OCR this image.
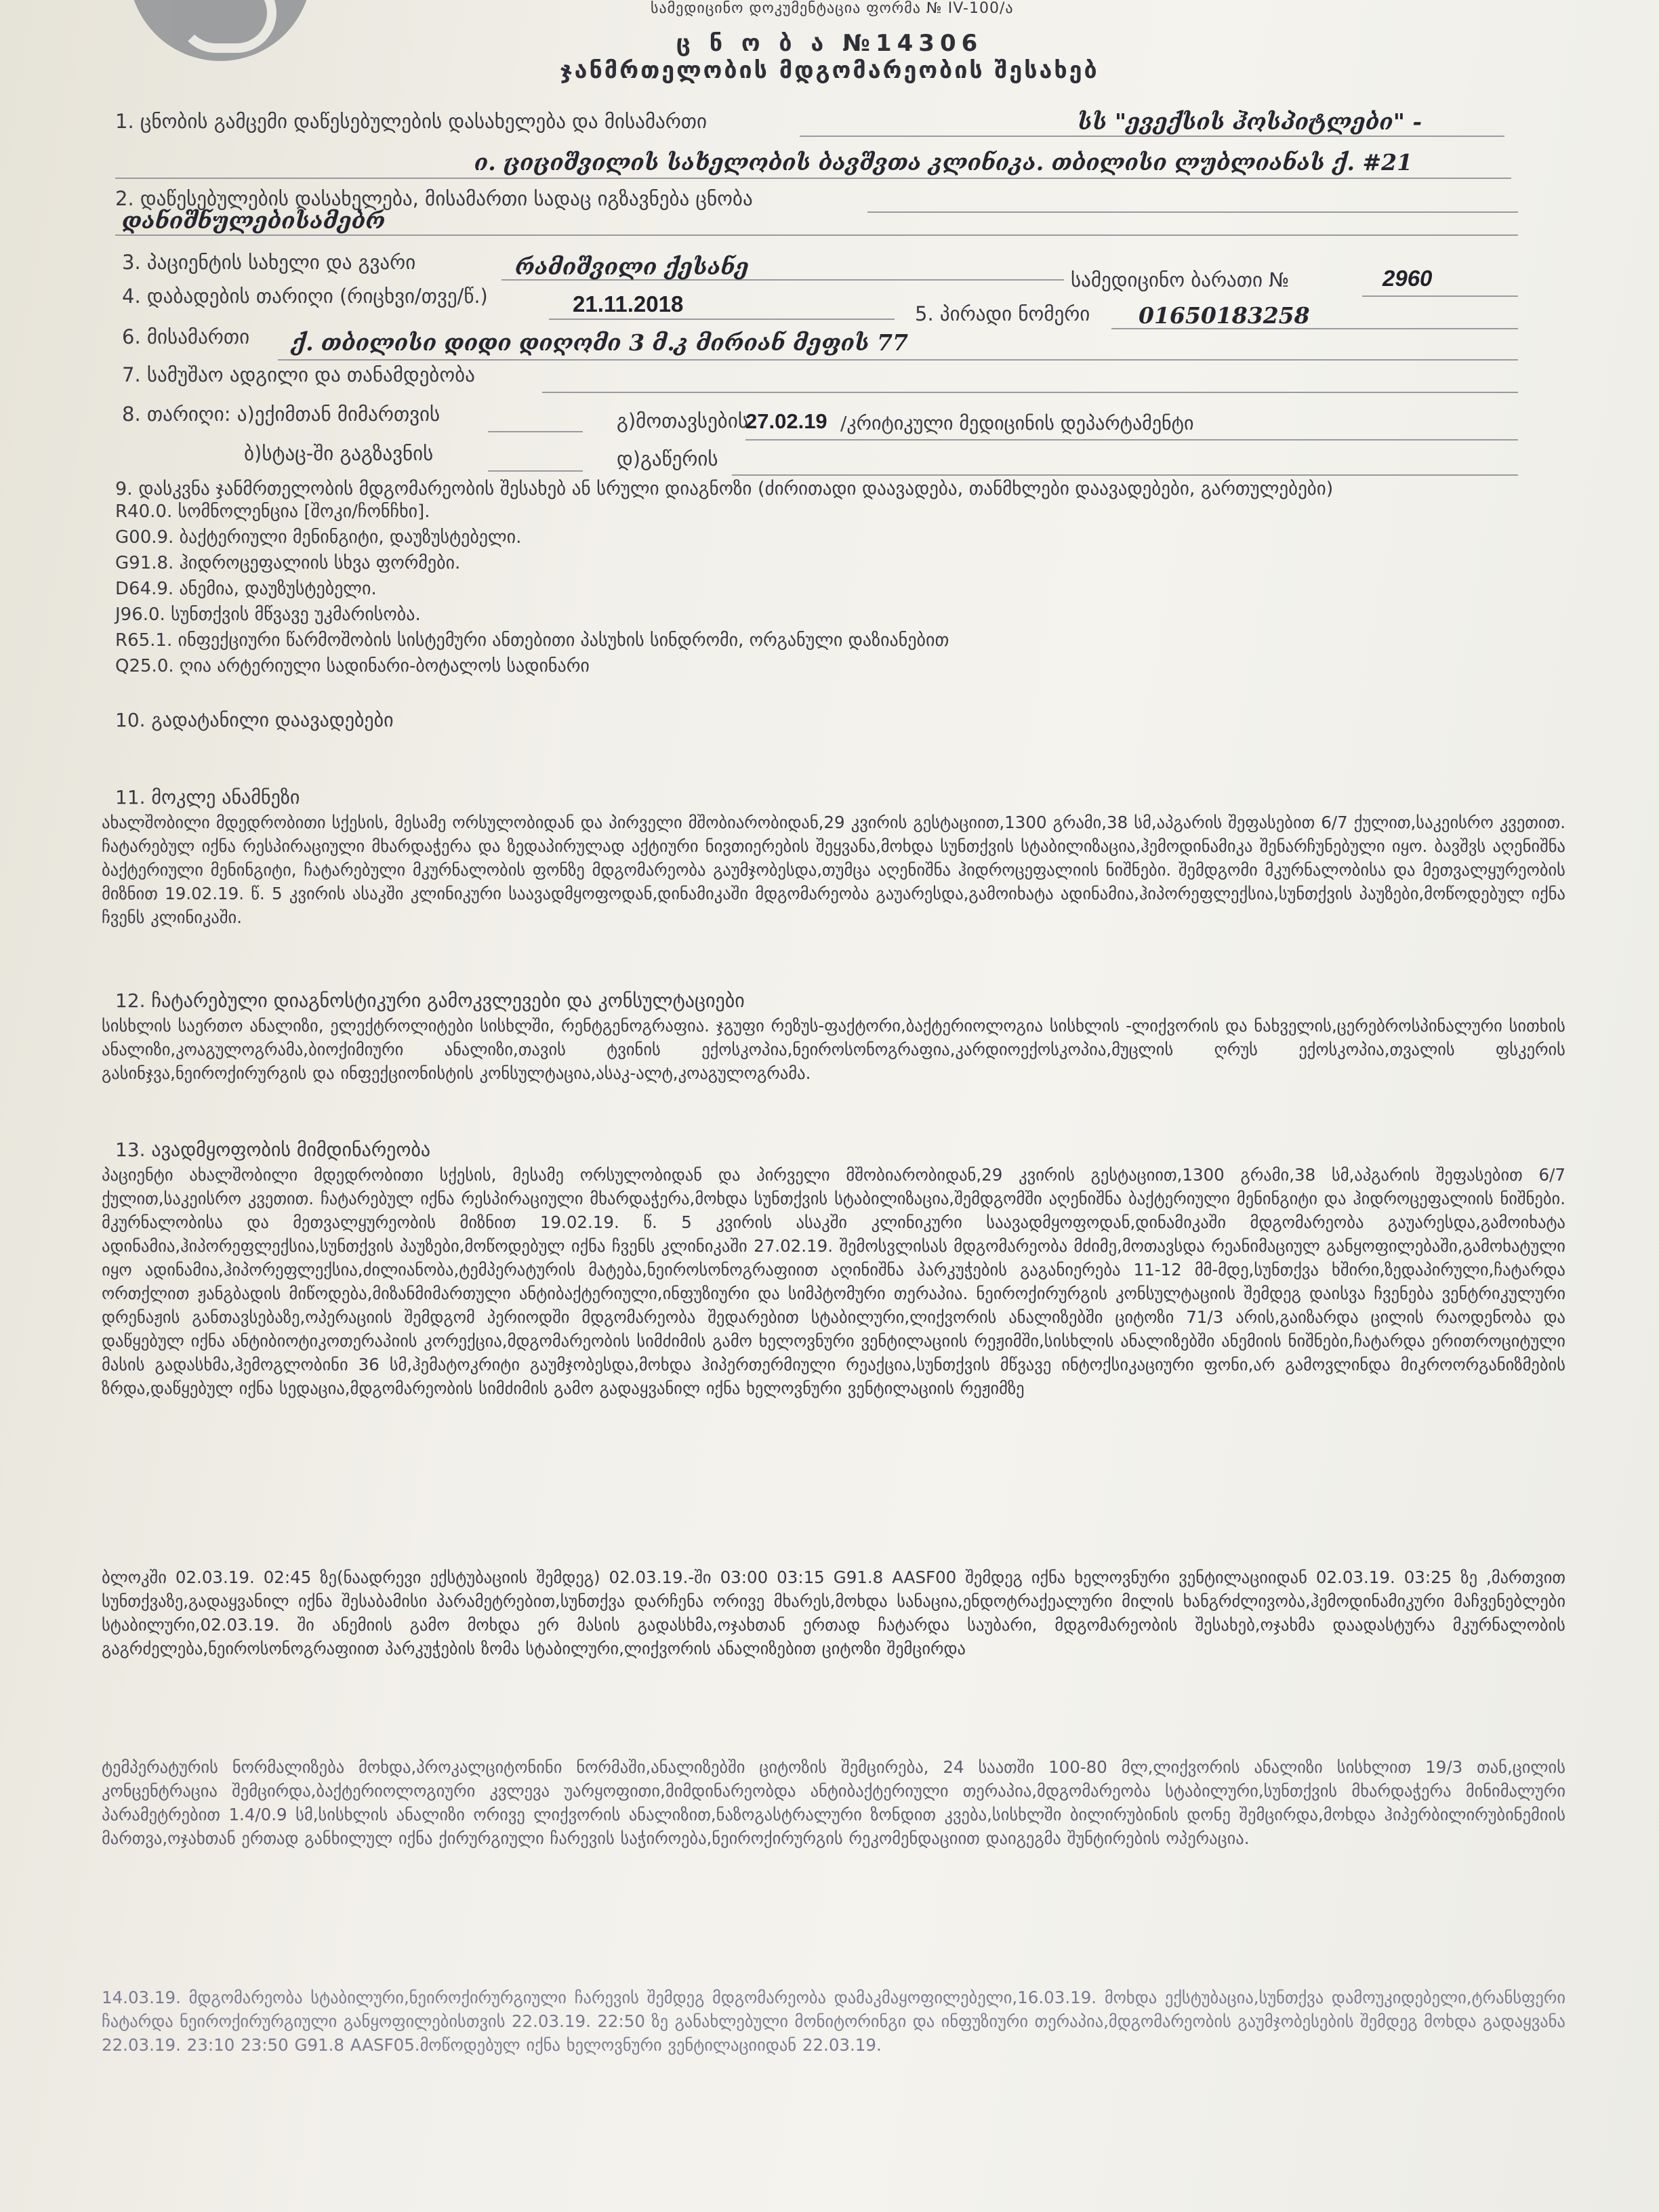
სამედიცინო დოკუმენტაცია ფორმა № IV-100/ა
ც ნ ო ბ ა №14306
ჯანმრთელობის მდგომარეობის შესახებ
1. ცნობის გამცემი დაწესებულების დასახელება და მისამართი	სს "ევექსის ჰოსპიტლები" -
ი. ციციშვილის სახელობის ბავშვთა კლინიკა. თბილისი ლუბლიანას ქ. #21
2. დაწესებულების დასახელება, მისამართი სადაც იგზავნება ცნობა
დანიშნულებისამებრ
3. პაციენტის სახელი და გვარი	რამიშვილი ქესანე	სამედიცინო ბარათი №	2960
4. დაბადების თარიღი (რიცხვი/თვე/წ.)	21.11.2018	5. პირადი ნომერი 01650183258
6. მისამართი ქ. თბილისი დიდი დიღომი 3 მ.კ მირიან მეფის 77
7. სამუშაო ადგილი და თანამდებობა
8. თარიღი: ა)ექიმთან მიმართვის	გ)მოთავსების
27.02.19 /კრიტიკული მედიცინის დეპარტამენტი
ბ)სტაც-ში გაგზავნის	დ)გაწერის
9. დასკვნა ჯანმრთელობის მდგომარეობის შესახებ ან სრული დიაგნოზი (ძირითადი დაავადება, თანმხლები დაავადებები, გართულებები)
R40.0. სომნოლენცია [შოკი/ჩონჩხი].
G00.9. ბაქტერიული მენინგიტი, დაუზუსტებელი.
G91.8. ჰიდროცეფალიის სხვა ფორმები.
D64.9. ანემია, დაუზუსტებელი.
J96.0. სუნთქვის მწვავე უკმარისობა.
R65.1. ინფექციური წარმოშობის სისტემური ანთებითი პასუხის სინდრომი, ორგანული დაზიანებით
Q25.0. ღია არტერიული სადინარი-ბოტალოს სადინარი
10. გადატანილი დაავადებები
11. მოკლე ანამნეზი
ახალშობილი მდედრობითი სქესის, მესამე ორსულობიდან და პირველი მშობიარობიდან,29 კვირის გესტაციით,1300 გრამი,38 სმ,აპგარის შეფასებით 6/7 ქულით,საკეისრო კვეთით. ჩატარებულ იქნა რესპირაციული მხარდაჭერა და ზედაპირულად აქტიური ნივთიერების შეყვანა,მოხდა სუნთქვის სტაბილიზაცია,ჰემოდინამიკა შენარჩუნებული იყო. ბავშვს აღენიშნა ბაქტერიული მენინგიტი, ჩატარებული მკურნალობის ფონზე მდგომარეობა გაუმჯობესდა,თუმცა აღენიშნა ჰიდროცეფალიის ნიშნები. შემდგომი მკურნალობისა და მეთვალყურეობის მიზნით 19.02.19. წ. 5 კვირის ასაკში კლინიკური საავადმყოფოდან,დინამიკაში მდგომარეობა გაუარესდა,გამოიხატა ადინამია,ჰიპორეფლექსია,სუნთქვის პაუზები,მოწოდებულ იქნა ჩვენს კლინიკაში.
12. ჩატარებული დიაგნოსტიკური გამოკვლევები და კონსულტაციები
სისხლის საერთო ანალიზი, ელექტროლიტები სისხლში, რენტგენოგრაფია. ჯგუფი რეზუს-ფაქტორი,ბაქტერიოლოგია სისხლის -ლიქვორის და ნახველის,ცერებროსპინალური სითხის ანალიზი,კოაგულოგრამა,ბიოქიმიური ანალიზი,თავის ტვინის ექოსკოპია,ნეიროსონოგრაფია,კარდიოექოსკოპია,მუცლის ღრუს ექოსკოპია,თვალის ფსკერის გასინჯვა,ნეიროქირურგის და ინფექციონისტის კონსულტაცია,ასაკ-ალტ,კოაგულოგრამა.
13. ავადმყოფობის მიმდინარეობა
პაციენტი ახალშობილი მდედრობითი სქესის, მესამე ორსულობიდან და პირველი მშობიარობიდან,29 კვირის გესტაციით,1300 გრამი,38 სმ,აპგარის შეფასებით 6/7 ქულით,საკეისრო კვეთით. ჩატარებულ იქნა რესპირაციული მხარდაჭერა,მოხდა სუნთქვის სტაბილიზაცია,შემდგომში აღენიშნა ბაქტერიული მენინგიტი და ჰიდროცეფალიის ნიშნები. მკურნალობისა და მეთვალყურეობის მიზნით 19.02.19. წ. 5 კვირის ასაკში კლინიკური საავადმყოფოდან,დინამიკაში მდგომარეობა გაუარესდა,გამოიხატა ადინამია,ჰიპორეფლექსია,სუნთქვის პაუზები,მოწოდებულ იქნა ჩვენს კლინიკაში 27.02.19. შემოსვლისას მდგომარეობა მძიმე,მოთავსდა რეანიმაციულ განყოფილებაში,გამოხატული იყო ადინამია,ჰიპორეფლექსია,ძილიანობა,ტემპერატურის მატება,ნეიროსონოგრაფიით აღინიშნა პარკუჭების გაგანიერება 11-12 მმ-მდე,სუნთქვა ხშირი,ზედაპირული,ჩატარდა ორთქლით ჟანგბადის მიწოდება,მიზანმიმართული ანტიბაქტერიული,ინფუზიური და სიმპტომური თერაპია. ნეიროქირურგის კონსულტაციის შემდეგ დაისვა ჩვენება ვენტრიკულური დრენაჟის განთავსებაზე,ოპერაციის შემდგომ პერიოდში მდგომარეობა შედარებით სტაბილური,ლიქვორის ანალიზებში ციტოზი 71/3 არის,გაიზარდა ცილის რაოდენობა და დაწყებულ იქნა ანტიბიოტიკოთერაპიის კორექცია,მდგომარეობის სიმძიმის გამო ხელოვნური ვენტილაციის რეჟიმში,სისხლის ანალიზებში ანემიის ნიშნები,ჩატარდა ერითროციტული მასის გადასხმა,ჰემოგლობინი 36 სმ,ჰემატოკრიტი გაუმჯობესდა,მოხდა ჰიპერთერმიული რეაქცია,სუნთქვის მწვავე ინტოქსიკაციური ფონი,არ გამოვლინდა მიკროორგანიზმების ზრდა,დაწყებულ იქნა სედაცია,მდგომარეობის სიმძიმის გამო გადაყვანილ იქნა ხელოვნური ვენტილაციის რეჟიმზე
ბლოკში 02.03.19. 02:45 ზე(ნაადრევი ექსტუბაციის შემდეგ) 02.03.19.-ში 03:00 03:15 G91.8 AASF00 შემდეგ იქნა ხელოვნური ვენტილაციიდან 02.03.19. 03:25 ზე ,მართვით სუნთქვაზე,გადაყვანილ იქნა შესაბამისი პარამეტრებით,სუნთქვა დარჩენა ორივე მხარეს,მოხდა სანაცია,ენდოტრაქეალური მილის ხანგრძლივობა,ჰემოდინამიკური მაჩვენებლები სტაბილური,02.03.19. ში ანემიის გამო მოხდა ერ მასის გადასხმა,ოჯახთან ერთად ჩატარდა საუბარი, მდგომარეობის შესახებ,ოჯახმა დაადასტურა მკურნალობის გაგრძელება,ნეიროსონოგრაფიით პარკუჭების ზომა სტაბილური,ლიქვორის ანალიზებით ციტოზი შემცირდა
ტემპერატურის ნორმალიზება მოხდა,პროკალციტონინი ნორმაში,ანალიზებში ციტოზის შემცირება, 24 საათში 100-80 მლ,ლიქვორის ანალიზი სისხლით 19/3 თან,ცილის კონცენტრაცია შემცირდა,ბაქტერიოლოგიური კვლევა უარყოფითი,მიმდინარეობდა ანტიბაქტერიული თერაპია,მდგომარეობა სტაბილური,სუნთქვის მხარდაჭერა მინიმალური პარამეტრებით 1.4/0.9 სმ,სისხლის ანალიზი ორივე ლიქვორის ანალიზით,ნაზოგასტრალური ზონდით კვება,სისხლში ბილირუბინის დონე შემცირდა,მოხდა ჰიპერბილირუბინემიის მართვა,ოჯახთან ერთად განხილულ იქნა ქირურგიული ჩარევის საჭიროება,ნეიროქირურგის რეკომენდაციით დაიგეგმა შუნტირების ოპერაცია.
14.03.19. მდგომარეობა სტაბილური,ნეიროქირურგიული ჩარევის შემდეგ მდგომარეობა დამაკმაყოფილებელი,16.03.19. მოხდა ექსტუბაცია,სუნთქვა დამოუკიდებელი,ტრანსფერი ჩატარდა ნეიროქირურგიული განყოფილებისთვის 22.03.19. 22:50 ზე განახლებული მონიტორინგი და ინფუზიური თერაპია,მდგომარეობის გაუმჯობესების შემდეგ მოხდა გადაყვანა 22.03.19. 23:10 23:50 G91.8 AASF05.მოწოდებულ იქნა ხელოვნური ვენტილაციიდან 22.03.19.
